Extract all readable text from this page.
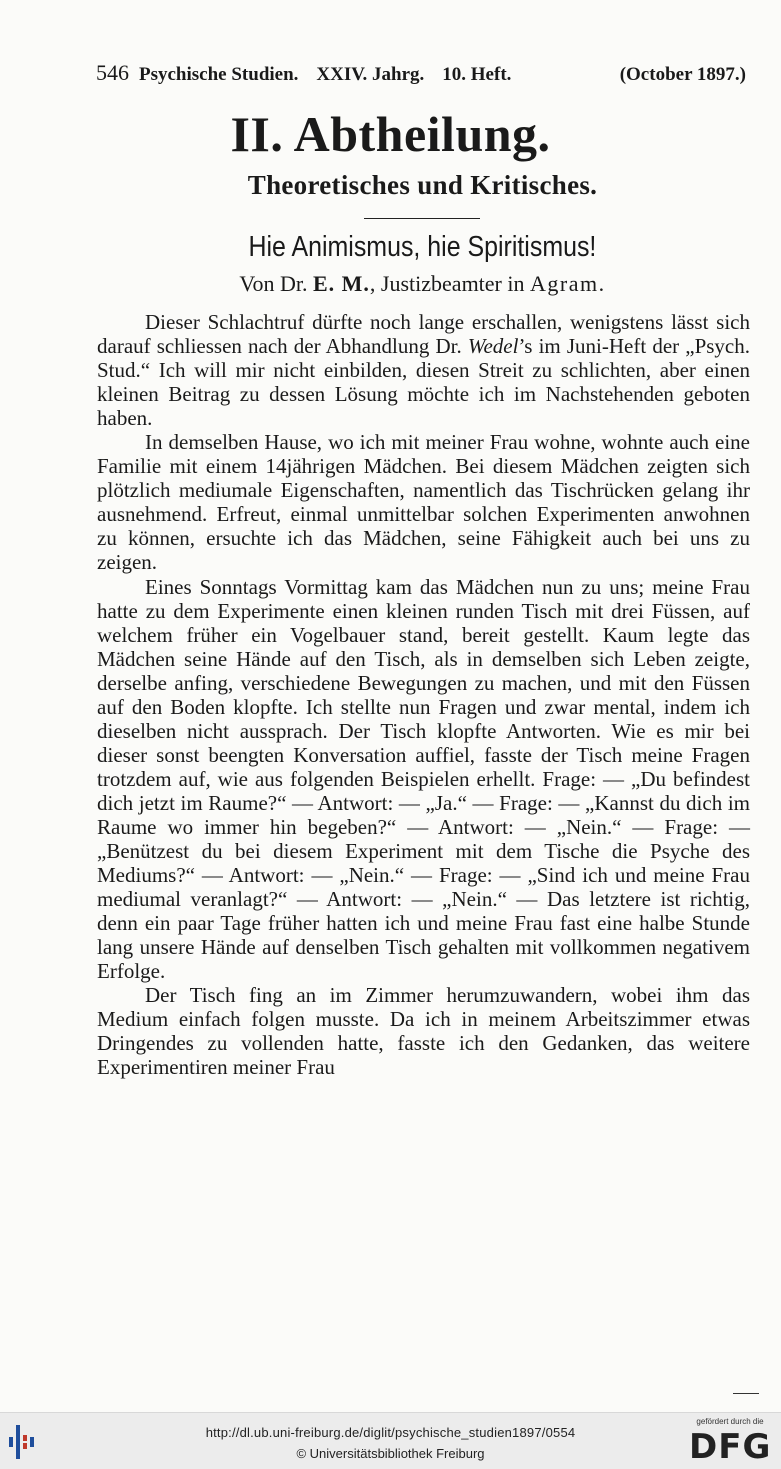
546 Psychische Studien. XXIV. Jahrg. 10. Heft.	(October 1897.)
II. Abtheilung.
Theoretisches und Kritisches.
Hie Animismus, hie Spiritismus!
Von Dr. E. M., Justizbeamter in Agram.

Dieser Schlachtruf dürfte noch lange erschallen, wenigstens lässt sich darauf schliessen nach der Abhandlung Dr. Wedel’s im Juni-Heft der „Psych. Stud.“ Ich will mir nicht einbilden, diesen Streit zu schlichten, aber einen kleinen Beitrag zu dessen Lösung möchte ich im Nachstehenden geboten haben.

In demselben Hause, wo ich mit meiner Frau wohne, wohnte auch eine Familie mit einem 14jährigen Mädchen. Bei diesem Mädchen zeigten sich plötzlich mediumale Eigenschaften, namentlich das Tischrücken gelang ihr ausnehmend. Erfreut, einmal unmittelbar solchen Experimenten anwohnen zu können, ersuchte ich das Mädchen, seine Fähigkeit auch bei uns zu zeigen.

Eines Sonntags Vormittag kam das Mädchen nun zu uns; meine Frau hatte zu dem Experimente einen kleinen runden Tisch mit drei Füssen, auf welchem früher ein Vogelbauer stand, bereit gestellt. Kaum legte das Mädchen seine Hände auf den Tisch, als in demselben sich Leben zeigte, derselbe anfing, verschiedene Bewegungen zu machen, und mit den Füssen auf den Boden klopfte. Ich stellte nun Fragen und zwar mental, indem ich dieselben nicht aussprach. Der Tisch klopfte Antworten. Wie es mir bei dieser sonst beengten Konversation auffiel, fasste der Tisch meine Fragen trotzdem auf, wie aus folgenden Beispielen erhellt. Frage: — „Du befindest dich jetzt im Raume?“ — Antwort: — „Ja.“ — Frage: — „Kannst du dich im Raume wo immer hin begeben?“ — Antwort: — „Nein.“ — Frage: — „Benützest du bei diesem Experiment mit dem Tische die Psyche des Mediums?“ — Antwort: — „Nein.“ — Frage: — „Sind ich und meine Frau mediumal veranlagt?“ — Antwort: — „Nein.“ — Das letztere ist richtig, denn ein paar Tage früher hatten ich und meine Frau fast eine halbe Stunde lang unsere Hände auf denselben Tisch gehalten mit vollkommen negativem Erfolge.

Der Tisch fing an im Zimmer herumzuwandern, wobei ihm das Medium einfach folgen musste. Da ich in meinem Arbeitszimmer etwas Dringendes zu vollenden hatte, fasste ich den Gedanken, das weitere Experimentiren meiner Frau

http://dl.ub.uni-freiburg.de/diglit/psychische_studien1897/0554
© Universitätsbibliothek Freiburg
gefördert durch die
DFG
